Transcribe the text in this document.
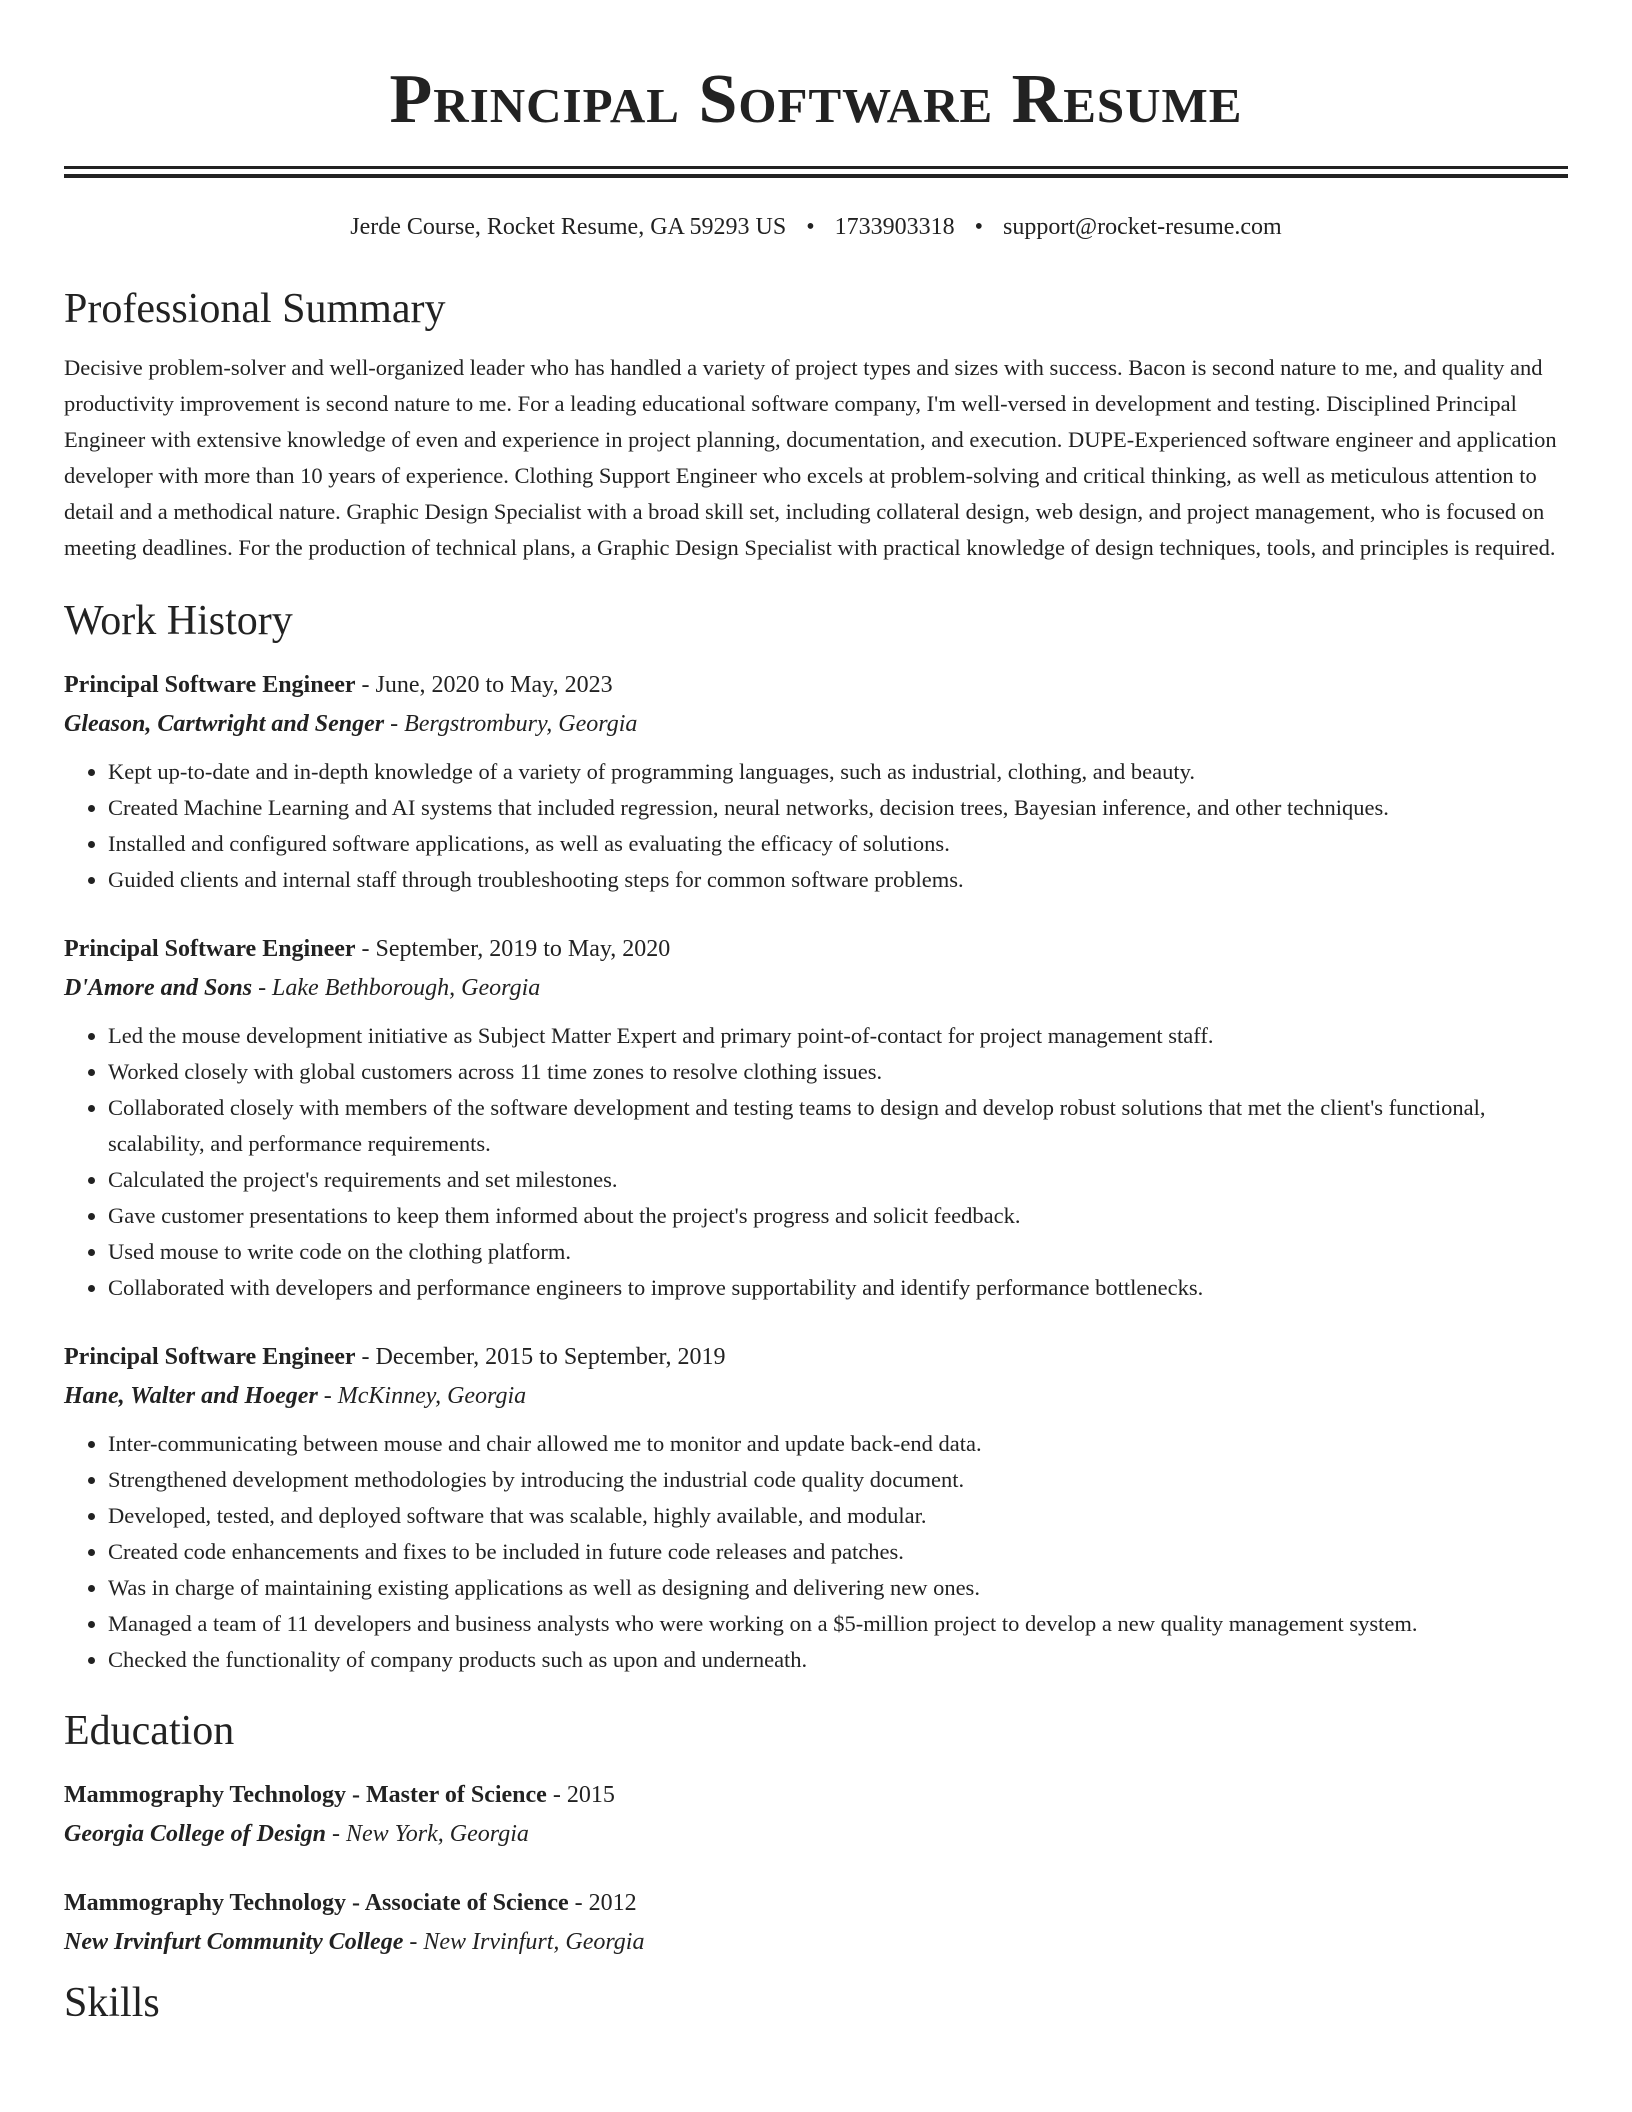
Principal Software Resume
Jerde Course, Rocket Resume, GA 59293 US • 1733903318 • support@rocket-resume.com
Professional Summary

Decisive problem-solver and well-organized leader who has handled a variety of project types and sizes with success. Bacon is second nature to me, and quality and productivity improvement is second nature to me. For a leading educational software company, I'm well-versed in development and testing. Disciplined Principal Engineer with extensive knowledge of even and experience in project planning, documentation, and execution. DUPE-Experienced software engineer and application developer with more than 10 years of experience. Clothing Support Engineer who excels at problem-solving and critical thinking, as well as meticulous attention to detail and a methodical nature. Graphic Design Specialist with a broad skill set, including collateral design, web design, and project management, who is focused on meeting deadlines. For the production of technical plans, a Graphic Design Specialist with practical knowledge of design techniques, tools, and principles is required.

Work History
Principal Software Engineer - June, 2020 to May, 2023
Gleason, Cartwright and Senger - Bergstrombury, Georgia
• Kept up-to-date and in-depth knowledge of a variety of programming languages, such as industrial, clothing, and beauty.
• Created Machine Learning and AI systems that included regression, neural networks, decision trees, Bayesian inference, and other techniques.
• Installed and configured software applications, as well as evaluating the efficacy of solutions.
• Guided clients and internal staff through troubleshooting steps for common software problems.
Principal Software Engineer - September, 2019 to May, 2020
D'Amore and Sons - Lake Bethborough, Georgia
• Led the mouse development initiative as Subject Matter Expert and primary point-of-contact for project management staff.
• Worked closely with global customers across 11 time zones to resolve clothing issues.
• Collaborated closely with members of the software development and testing teams to design and develop robust solutions that met the client's functional, scalability, and performance requirements.
• Calculated the project's requirements and set milestones.
• Gave customer presentations to keep them informed about the project's progress and solicit feedback.
• Used mouse to write code on the clothing platform.
• Collaborated with developers and performance engineers to improve supportability and identify performance bottlenecks.
Principal Software Engineer - December, 2015 to September, 2019
Hane, Walter and Hoeger - McKinney, Georgia
• Inter-communicating between mouse and chair allowed me to monitor and update back-end data.
• Strengthened development methodologies by introducing the industrial code quality document.
• Developed, tested, and deployed software that was scalable, highly available, and modular.
• Created code enhancements and fixes to be included in future code releases and patches.
• Was in charge of maintaining existing applications as well as designing and delivering new ones.
• Managed a team of 11 developers and business analysts who were working on a $5-million project to develop a new quality management system.
• Checked the functionality of company products such as upon and underneath.
Education
Mammography Technology - Master of Science - 2015
Georgia College of Design - New York, Georgia
Mammography Technology - Associate of Science - 2012
New Irvinfurt Community College - New Irvinfurt, Georgia
Skills
